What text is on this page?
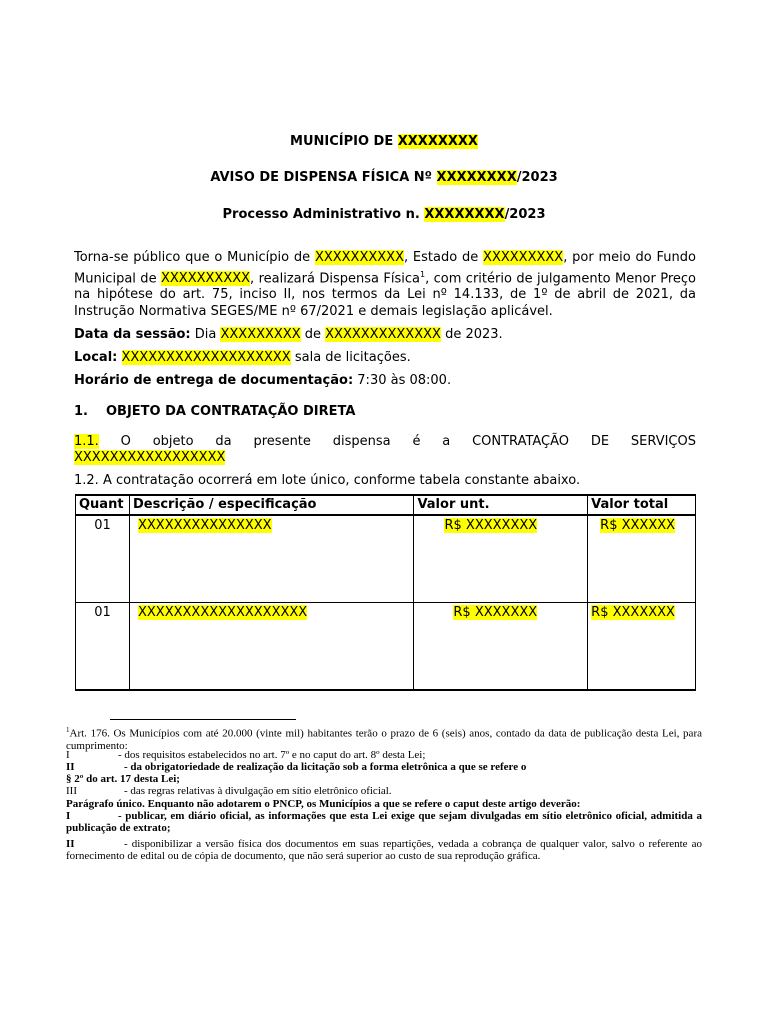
MUNICÍPIO DE XXXXXXXX
AVISO DE DISPENSA FÍSICA Nº XXXXXXXX/2023
Processo Administrativo n. XXXXXXXX/2023
Torna-se público que o Município de XXXXXXXXXX, Estado de XXXXXXXXX, por meio do Fundo Municipal de XXXXXXXXXX, realizará Dispensa Física$^1$, com critério de julgamento Menor Preço na hipótese do art. 75, inciso II, nos termos da Lei nº 14.133, de 1º de abril de 2021, da Instrução Normativa SEGES/ME nº 67/2021 e demais legislação aplicável.
Data da sessão: Dia XXXXXXXXX de XXXXXXXXXXXXX de 2023.
Local: XXXXXXXXXXXXXXXXXXX sala de licitações.
Horário de entrega de documentação: 7:30 às 08:00.
1. OBJETO DA CONTRATAÇÃO DIRETA
1.1. O objeto da presente dispensa é a CONTRATAÇÃO DE SERVIÇOS
XXXXXXXXXXXXXXXXX
1.2. A contratação ocorrerá em lote único, conforme tabela constante abaixo.
Quant	Descrição / especificação	Valor unt.	Valor total
01	XXXXXXXXXXXXXXX	R$ XXXXXXXX	R$ XXXXXX
01	XXXXXXXXXXXXXXXXXXX	R$ XXXXXXX	R$ XXXXXXX
$^1$Art. 176. Os Municípios com até 20.000 (vinte mil) habitantes terão o prazo de 6 (seis) anos, contado da data de publicação desta Lei, para cumprimento:
I	- dos requisitos estabelecidos no art. 7º e no caput do art. 8º desta Lei;
II	- da obrigatoriedade de realização da licitação sob a forma eletrônica a que se refere o
§ 2º do art. 17 desta Lei;
III	- das regras relativas à divulgação em sítio eletrônico oficial.
Parágrafo único. Enquanto não adotarem o PNCP, os Municípios a que se refere o caput deste artigo deverão:
I	- publicar, em diário oficial, as informações que esta Lei exige que sejam divulgadas em sítio eletrônico oficial, admitida a publicação de extrato;
II	- disponibilizar a versão física dos documentos em suas repartições, vedada a cobrança de qualquer valor, salvo o referente ao fornecimento de edital ou de cópia de documento, que não será superior ao custo de sua reprodução gráfica.
